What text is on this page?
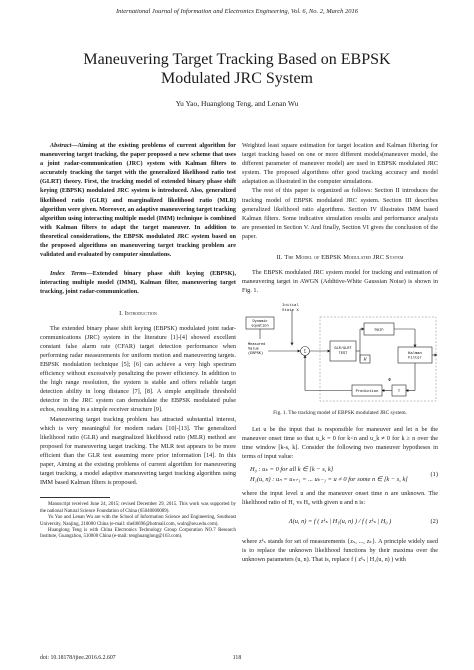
International Journal of Information and Electronics Engineering, Vol. 6, No. 2, March 2016
Maneuvering Target Tracking Based on EBPSK
Modulated JRC System
Yu Yao, Huanglong Teng, and Lenan Wu

Abstract—Aiming at the existing problems of current algorithm for maneuvering target tracking, the paper proposed a new scheme that uses a joint radar-communication (JRC) system with Kalman filters to accurately tracking the target with the generalized likelihood ratio test (GLRT) theory. First, the tracking model of extended binary phase shift keying (EBPSK) modulated JRC system is introduced. Also, generalized likelihood ratio (GLR) and marginalized likelihood ratio (MLR) algorithm were given. Moreover, an adaptive maneuvering target tracking algorithm using interacting multiple model (IMM) technique is combined with Kalman filters to adapt the target maneuver. In addition to theoretical considerations, the EBPSK modulated JRC system based on the proposed algorithms on maneuvering target tracking problem are validated and evaluated by computer simulations.

Index Terms—Extended binary phase shift keying (EBPSK), interacting multiple model (IMM), Kalman filter, maneuvering target tracking, joint radar-communication.

I. Introduction

The extended binary phase shift keying (EBPSK) modulated joint radar-communications (JRC) system in the literature [1]-[4] showed excellent constant false alarm rate (CFAR) target detection performance when performing radar measurements for uniform motion and maneuvering targets. EBPSK modulation technique [5]; [6] can achieve a very high spectrum efficiency without excessively penalizing the power efficiency. In addition to the high range resolution, the system is stable and offers reliable target detection ability in long distance [7], [8]. A simple amplitude threshold detector in the JRC system can demodulate the EBPSK modulated pulse echos, resulting in a simple receiver structure [9].

Maneuvering target tracking problem has attracted substantial interest, which is very meaningful for modern radars [10]-[13]. The generalized likelihood ratio (GLR) and marginalized likelihood ratio (MLR) method are proposed for maneuvering target tracking. The MLR test appears to be more efficient than the GLR test assuming more prior information [14]. In this paper, Aiming at the existing problems of current algorithm for maneuvering target tracking, a model adaptive maneuvering target tracking algorithm using IMM based Kalman filters is proposed.

Manuscript received June 24, 2015; revised December 29, 2015. This work was supported by the national Natural Science Foundation of China (65040000089).

Yu Yao and Lenan Wu are with the School of Information Science and Engineering, Southeast University, Nanjing, 210000 China (e-mail: shell6696@hotmail.com, wuln@seu.edu.com).

Huanglong Teng is with China Electronics Technology Group Corporation NO.7 Research Institute, Guangzhou, 510000 China (e-mail: tenghuanglong@163.com).

Weighted least square estimation for target location and Kalman filtering for target tracking based on one or more different models(maneuver model, the different parameter of maneuver model) are used in EBPSK modulated JRC system. The proposed algorithms offer good tracking accuracy and model adaptation as illustrated in the computer simulations.

The rest of this paper is organized as follows: Section II introduces the tracking model of EBPSK modulated JRC system. Section III describes generalized likelihood ratio algorithms. Section IV illustrates IMM based Kalman filters. Some indicative simulation results and performance analysis are presented in Section V. And finally, Section VI gives the conclusion of the paper.

II. The Model of EBPSK Modulated JRC System

The EBPSK modulated JRC system model for tracking and estimation of maneuvering target in AWGN (Additive-White Gaussian Noise) is shown in Fig. 1.

Initial State X
Dynamic equation
Measured Value (EBPSK)
Σ	GLR/GLRT TEST
Gain
Kalman Filter
H
Prediction	T
Φ

Fig. 1. The tracking model of EBPSK modulated JRC system.

Let u be the input that is responsible for maneuver and let n be the maneuver onset time so that u_k = 0 for k<n and u_k ≠ 0 for k ≥ n over the time window [k-s, k]. Consider the following two maneuver hypotheses in terms of input value:

H₀ : uₖ = 0 for all k ∈ [k − s, k]
H₁(u, n) : uₙ = uₙ₊₁ = ... uₖ₋₁ = u ≠ 0 for some n ∈ [k − s, k]
(1)

where the input level u and the maneuver onset time n are unknown. The likelihood ratio of H₁ vs H₀ with given u and n is:

Λ(u, n) = f ( zᵏₛ | H₁(u, n) ) / f ( zᵏₛ | H₀ )	(2)

where zᵏₛ stands for set of measurements {zₛ, ..., zₖ}. A principle widely used is to replace the unknown likelihood functions by their maxima over the unknown parameters (u, n). That is, replace f ( zᵏₛ | H₁(u, n) ) with

doi: 10.18178/ijiee.2016.6.2.607	118
